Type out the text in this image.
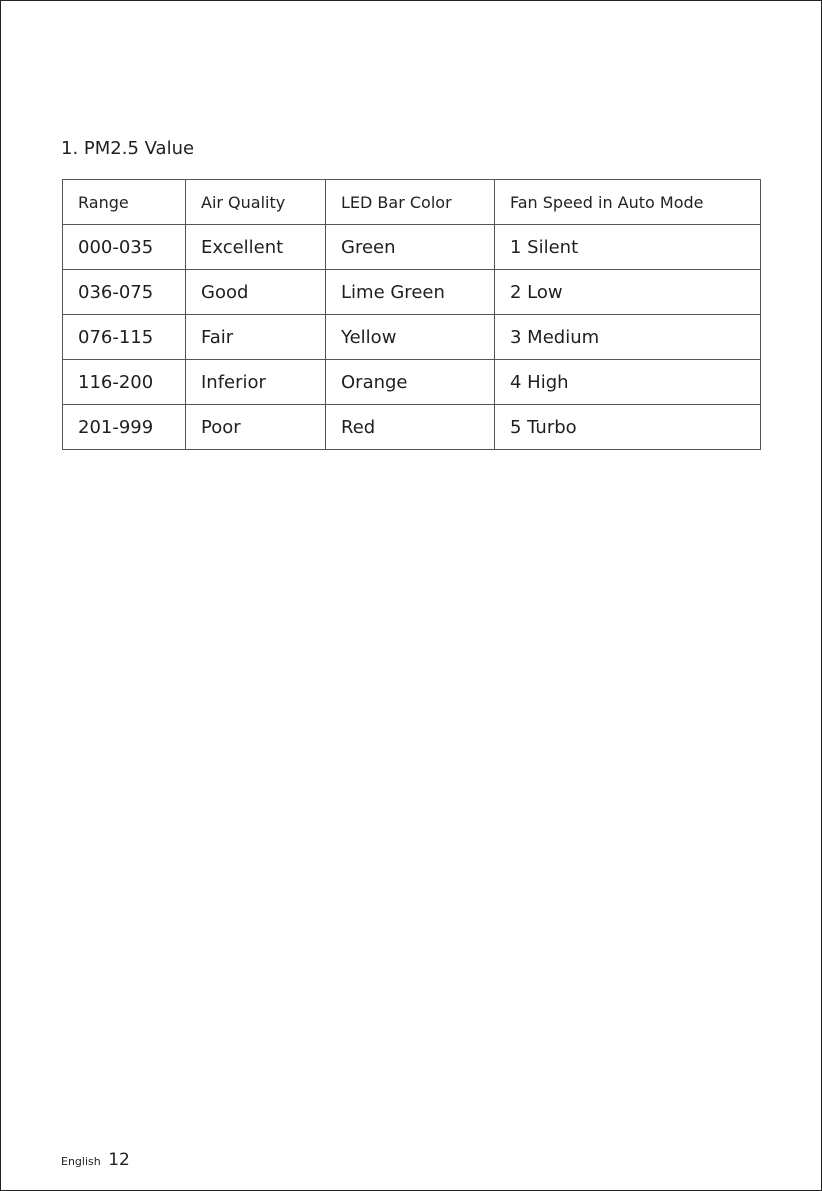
1. PM2.5 Value
Range	Air Quality	LED Bar Color	Fan Speed in Auto Mode
000-035	Excellent	Green	1 Silent
036-075	Good	Lime Green	2 Low
076-115	Fair	Yellow	3 Medium
116-200	Inferior	Orange	4 High
201-999	Poor	Red	5 Turbo
English 12
